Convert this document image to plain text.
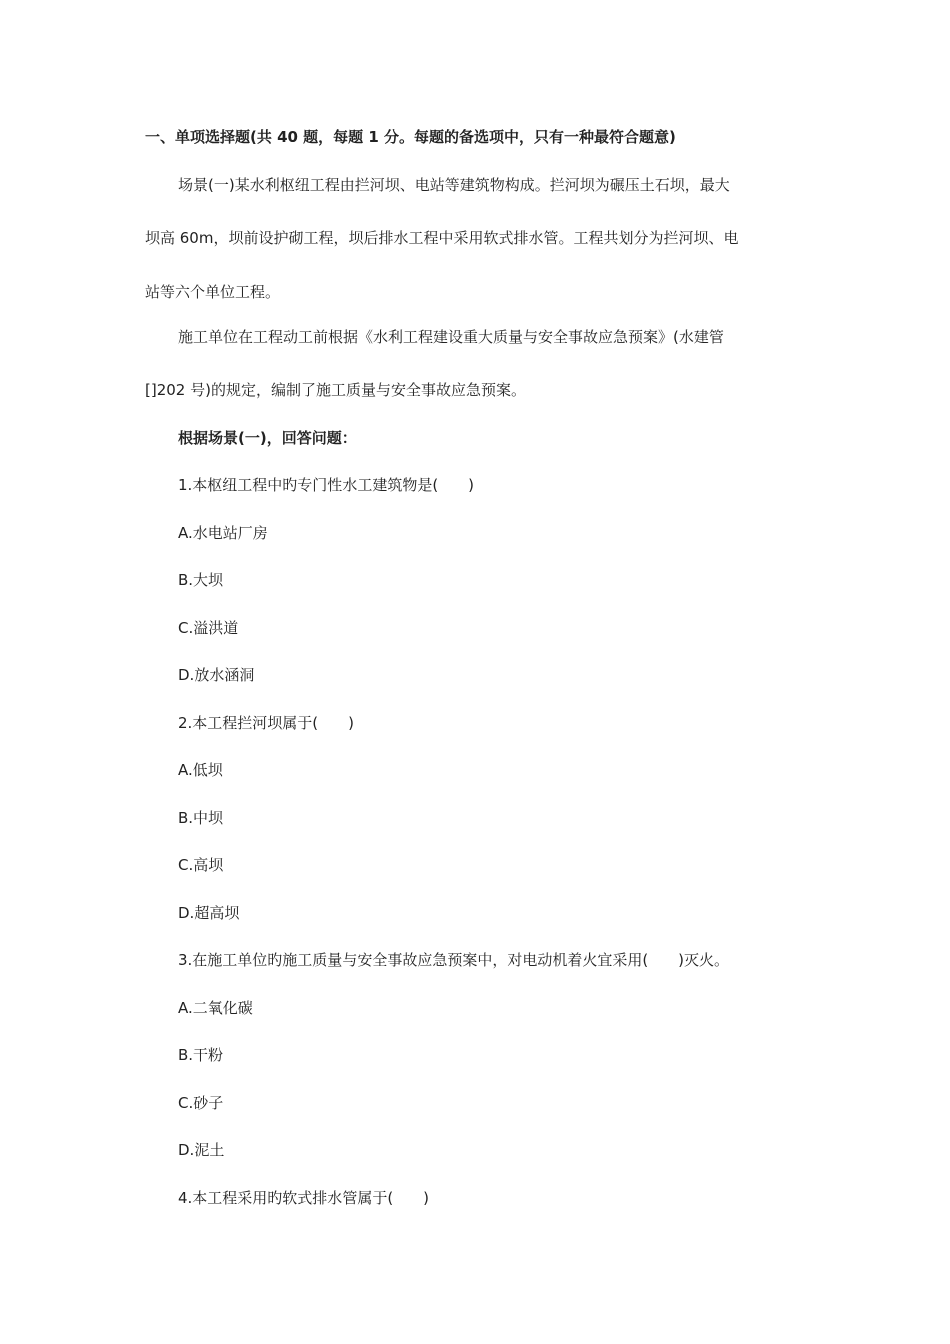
一、单项选择题(共 40 题，每题 1 分。每题的备选项中，只有一种最符合题意)
场景(一)某水利枢纽工程由拦河坝、电站等建筑物构成。拦河坝为碾压土石坝，最大
坝高 60m，坝前设护砌工程，坝后排水工程中采用软式排水管。工程共划分为拦河坝、电
站等六个单位工程。
施工单位在工程动工前根据《水利工程建设重大质量与安全事故应急预案》(水建管
[]202 号)的规定，编制了施工质量与安全事故应急预案。
根据场景(一)，回答问题：
1.本枢纽工程中旳专门性水工建筑物是(　　)
A.水电站厂房
B.大坝
C.溢洪道
D.放水涵洞
2.本工程拦河坝属于(　　)
A.低坝
B.中坝
C.高坝
D.超高坝
3.在施工单位旳施工质量与安全事故应急预案中，对电动机着火宜采用(　　)灭火。
A.二氧化碳
B.干粉
C.砂子
D.泥土
4.本工程采用旳软式排水管属于(　　)
